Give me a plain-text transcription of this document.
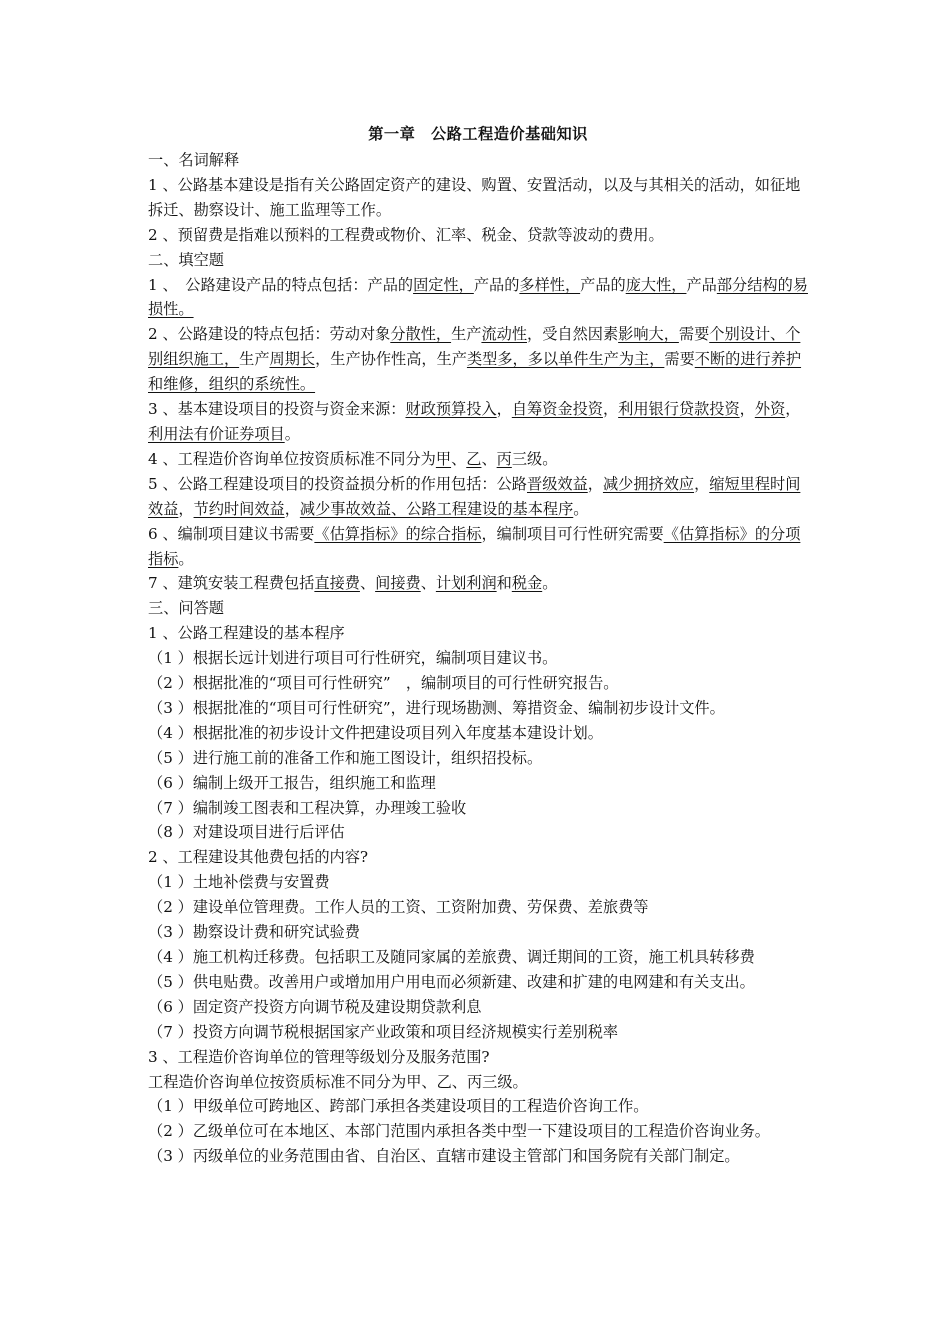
第一章　公路工程造价基础知识

一、名词解释

1 、公路基本建设是指有关公路固定资产的建设、购置、安置活动，以及与其相关的活动，如征地拆迁、勘察设计、施工监理等工作。

2 、预留费是指难以预料的工程费或物价、汇率、税金、贷款等波动的费用。

二、填空题

1 、　公路建设产品的特点包括：产品的固定性，产品的多样性，产品的庞大性，产品部分结构的易损性。

2 、公路建设的特点包括：劳动对象分散性，生产流动性，受自然因素影响大，需要个别设计、个别组织施工，生产周期长，生产协作性高，生产类型多，多以单件生产为主，需要不断的进行养护和维修，组织的系统性。

3 、基本建设项目的投资与资金来源：财政预算投入，自筹资金投资，利用银行贷款投资，外资，利用法有价证券项目。

4 、工程造价咨询单位按资质标准不同分为甲、乙、丙三级。

5 、公路工程建设项目的投资益损分析的作用包括：公路晋级效益，减少拥挤效应，缩短里程时间效益，节约时间效益，减少事故效益、公路工程建设的基本程序。

6 、编制项目建议书需要《估算指标》的综合指标，编制项目可行性研究需要《估算指标》的分项指标。

7 、建筑安装工程费包括直接费、间接费、计划利润和税金。

三、问答题

1 、公路工程建设的基本程序

（1 ）根据长远计划进行项目可行性研究，编制项目建议书。

（2 ）根据批准的“项目可行性研究”　，编制项目的可行性研究报告。

（3 ）根据批准的“项目可行性研究”，进行现场勘测、筹措资金、编制初步设计文件。

（4 ）根据批准的初步设计文件把建设项目列入年度基本建设计划。

（5 ）进行施工前的准备工作和施工图设计，组织招投标。

（6 ）编制上级开工报告，组织施工和监理

（7 ）编制竣工图表和工程决算，办理竣工验收

（8 ）对建设项目进行后评估

2 、工程建设其他费包括的内容?

（1 ）土地补偿费与安置费

（2 ）建设单位管理费。工作人员的工资、工资附加费、劳保费、差旅费等

（3 ）勘察设计费和研究试验费

（4 ）施工机构迁移费。包括职工及随同家属的差旅费、调迁期间的工资，施工机具转移费

（5 ）供电贴费。改善用户或增加用户用电而必须新建、改建和扩建的电网建和有关支出。

（6 ）固定资产投资方向调节税及建设期贷款利息

（7 ）投资方向调节税根据国家产业政策和项目经济规模实行差别税率

3 、工程造价咨询单位的管理等级划分及服务范围?

工程造价咨询单位按资质标准不同分为甲、乙、丙三级。

（1 ）甲级单位可跨地区、跨部门承担各类建设项目的工程造价咨询工作。

（2 ）乙级单位可在本地区、本部门范围内承担各类中型一下建设项目的工程造价咨询业务。

（3 ）丙级单位的业务范围由省、自治区、直辖市建设主管部门和国务院有关部门制定。
